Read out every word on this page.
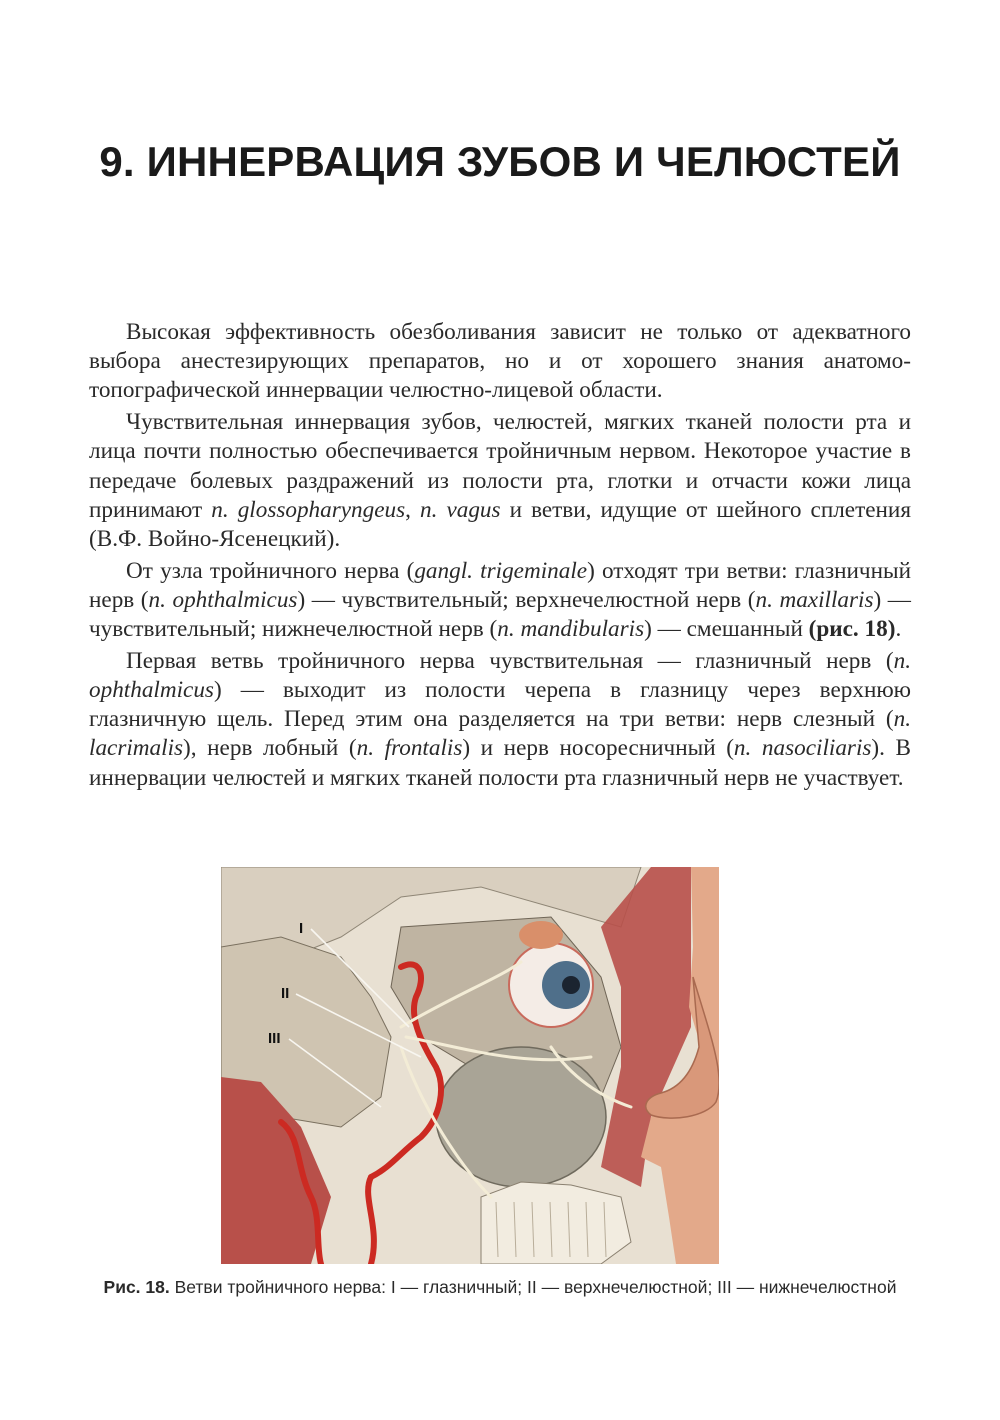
9. ИННЕРВАЦИЯ ЗУБОВ И ЧЕЛЮСТЕЙ

Высокая эффективность обезболивания зависит не только от адекватного выбора анестезирующих препаратов, но и от хорошего знания анатомо-топографической иннервации челюстно-лицевой области.

Чувствительная иннервация зубов, челюстей, мягких тканей полости рта и лица почти полностью обеспечивается тройничным нервом. Некоторое участие в передаче болевых раздражений из полости рта, глотки и отчасти кожи лица принимают n. glossopharyngeus, n. vagus и ветви, идущие от шейного сплетения (В.Ф. Войно-Ясенецкий).

От узла тройничного нерва (gangl. trigeminale) отходят три ветви: глазничный нерв (n. ophthalmicus) — чувствительный; верхнечелюстной нерв (n. maxillaris) — чувствительный; нижнечелюстной нерв (n. mandibularis) — смешанный (рис. 18).

Первая ветвь тройничного нерва чувствительная — глазничный нерв (n. ophthalmicus) — выходит из полости черепа в глазницу через верхнюю глазничную щель. Перед этим она разделяется на три ветви: нерв слезный (n. lacrimalis), нерв лобный (n. frontalis) и нерв носоресничный (n. nasociliaris). В иннервации челюстей и мягких тканей полости рта глазничный нерв не участвует.

I
II
III
Рис. 18. Ветви тройничного нерва: I — глазничный; II — верхнечелюстной; III — нижнечелюстной
